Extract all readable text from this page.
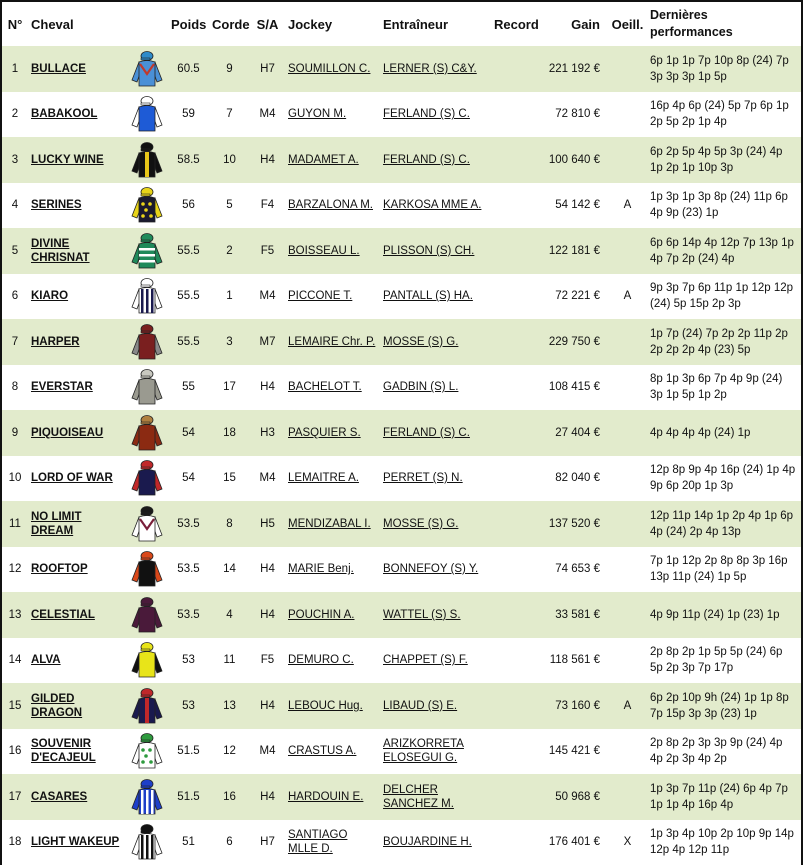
N°	Cheval		Poids	Corde	S/A	Jockey	Entraîneur	Record	Gain	Oeill.	Dernières
performances
1	BULLACE		60.5	9	H7	SOUMILLON C.	LERNER (S) C&Y.		221 192 €		6p 1p 1p 7p 10p 8p (24) 7p 3p 3p 3p 1p 5p
2	BABAKOOL		59	7	M4	GUYON M.	FERLAND (S) C.		72 810 €		16p 4p 6p (24) 5p 7p 6p 1p 2p 5p 2p 1p 4p
3	LUCKY WINE		58.5	10	H4	MADAMET A.	FERLAND (S) C.		100 640 €		6p 2p 5p 4p 5p 3p (24) 4p 1p 2p 1p 10p 3p
4	SERINES		56	5	F4	BARZALONA M.	KARKOSA MME A.		54 142 €	A	1p 3p 1p 3p 8p (24) 11p 6p 4p 9p (23) 1p
5	DIVINE CHRISNAT		55.5	2	F5	BOISSEAU L.	PLISSON (S) CH.		122 181 €		6p 6p 14p 4p 12p 7p 13p 1p 4p 7p 2p (24) 4p
6	KIARO		55.5	1	M4	PICCONE T.	PANTALL (S) HA.		72 221 €	A	9p 3p 7p 6p 11p 1p 12p 12p (24) 5p 15p 2p 3p
7	HARPER		55.5	3	M7	LEMAIRE Chr. P.	MOSSE (S) G.		229 750 €		1p 7p (24) 7p 2p 2p 11p 2p 2p 2p 2p 4p (23) 5p
8	EVERSTAR		55	17	H4	BACHELOT T.	GADBIN (S) L.		108 415 €		8p 1p 3p 6p 7p 4p 9p (24) 3p 1p 5p 1p 2p
9	PIQUOISEAU		54	18	H3	PASQUIER S.	FERLAND (S) C.		27 404 €		4p 4p 4p 4p (24) 1p
10	LORD OF WAR		54	15	M4	LEMAITRE A.	PERRET (S) N.		82 040 €		12p 8p 9p 4p 16p (24) 1p 4p 9p 6p 20p 1p 3p
11	NO LIMIT DREAM		53.5	8	H5	MENDIZABAL I.	MOSSE (S) G.		137 520 €		12p 11p 14p 1p 2p 4p 1p 6p 4p (24) 2p 4p 13p
12	ROOFTOP		53.5	14	H4	MARIE Benj.	BONNEFOY (S) Y.		74 653 €		7p 1p 12p 2p 8p 8p 3p 16p 13p 11p (24) 1p 5p
13	CELESTIAL		53.5	4	H4	POUCHIN A.	WATTEL (S) S.		33 581 €		4p 9p 11p (24) 1p (23) 1p
14	ALVA		53	11	F5	DEMURO C.	CHAPPET (S) F.		118 561 €		2p 8p 2p 1p 5p 5p (24) 6p 5p 2p 3p 7p 17p
15	GILDED DRAGON		53	13	H4	LEBOUC Hug.	LIBAUD (S) E.		73 160 €	A	6p 2p 10p 9h (24) 1p 1p 8p 7p 15p 3p 3p (23) 1p
16	SOUVENIR D'ECAJEUL		51.5	12	M4	CRASTUS A.	ARIZKORRETA ELOSEGUI G.		145 421 €		2p 8p 2p 3p 3p 9p (24) 4p 4p 2p 3p 4p 2p
17	CASARES		51.5	16	H4	HARDOUIN E.	DELCHER SANCHEZ M.		50 968 €		1p 3p 7p 11p (24) 6p 4p 7p 1p 1p 4p 16p 4p
18	LIGHT WAKEUP		51	6	H7	SANTIAGO MLLE D.	BOUJARDINE H.		176 401 €	X	1p 3p 4p 10p 2p 10p 9p 14p 12p 4p 12p 11p
